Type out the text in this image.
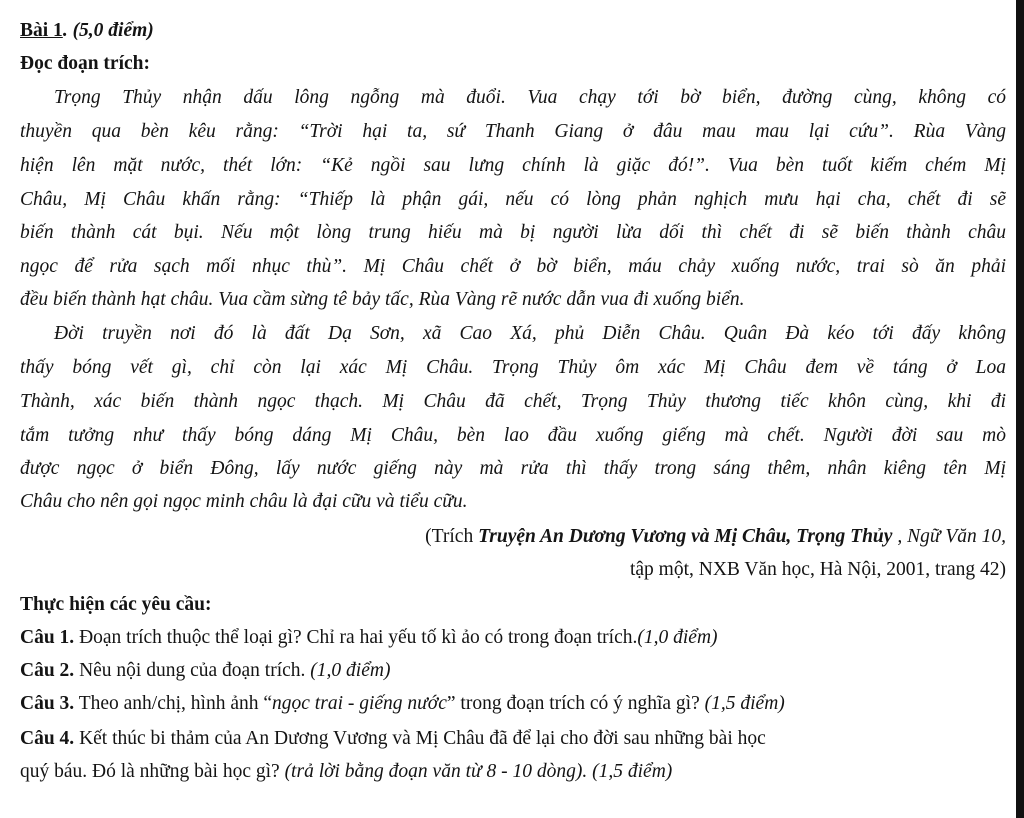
Bài 1. (5,0 điểm)
Đọc đoạn trích:
Trọng Thủy nhận dấu lông ngỗng mà đuổi. Vua chạy tới bờ biển, đường cùng, không có
thuyền qua bèn kêu rằng: “Trời hại ta, sứ Thanh Giang ở đâu mau mau lại cứu”. Rùa Vàng
hiện lên mặt nước, thét lớn: “Kẻ ngồi sau lưng chính là giặc đó!”. Vua bèn tuốt kiếm chém Mị
Châu, Mị Châu khấn rằng: “Thiếp là phận gái, nếu có lòng phản nghịch mưu hại cha, chết đi sẽ
biến thành cát bụi. Nếu một lòng trung hiếu mà bị người lừa dối thì chết đi sẽ biến thành châu
ngọc để rửa sạch mối nhục thù”. Mị Châu chết ở bờ biển, máu chảy xuống nước, trai sò ăn phải
đều biến thành hạt châu. Vua cầm sừng tê bảy tấc, Rùa Vàng rẽ nước dẫn vua đi xuống biển.
Đời truyền nơi đó là đất Dạ Sơn, xã Cao Xá, phủ Diễn Châu. Quân Đà kéo tới đấy không
thấy bóng vết gì, chỉ còn lại xác Mị Châu. Trọng Thủy ôm xác Mị Châu đem về táng ở Loa
Thành, xác biến thành ngọc thạch. Mị Châu đã chết, Trọng Thủy thương tiếc khôn cùng, khi đi
tắm tưởng như thấy bóng dáng Mị Châu, bèn lao đầu xuống giếng mà chết. Người đời sau mò
được ngọc ở biển Đông, lấy nước giếng này mà rửa thì thấy trong sáng thêm, nhân kiêng tên Mị
Châu cho nên gọi ngọc minh châu là đại cữu và tiểu cữu.
(Trích Truyện An Dương Vương và Mị Châu, Trọng Thủy , Ngữ Văn 10,
tập một, NXB Văn học, Hà Nội, 2001, trang 42)
Thực hiện các yêu cầu:
Câu 1. Đoạn trích thuộc thể loại gì? Chỉ ra hai yếu tố kì ảo có trong đoạn trích.(1,0 điểm)
Câu 2. Nêu nội dung của đoạn trích. (1,0 điểm)
Câu 3. Theo anh/chị, hình ảnh “ngọc trai - giếng nước” trong đoạn trích có ý nghĩa gì? (1,5 điểm)
Câu 4. Kết thúc bi thảm của An Dương Vương và Mị Châu đã để lại cho đời sau những bài học
quý báu. Đó là những bài học gì? (trả lời bằng đoạn văn từ 8 - 10 dòng). (1,5 điểm)
